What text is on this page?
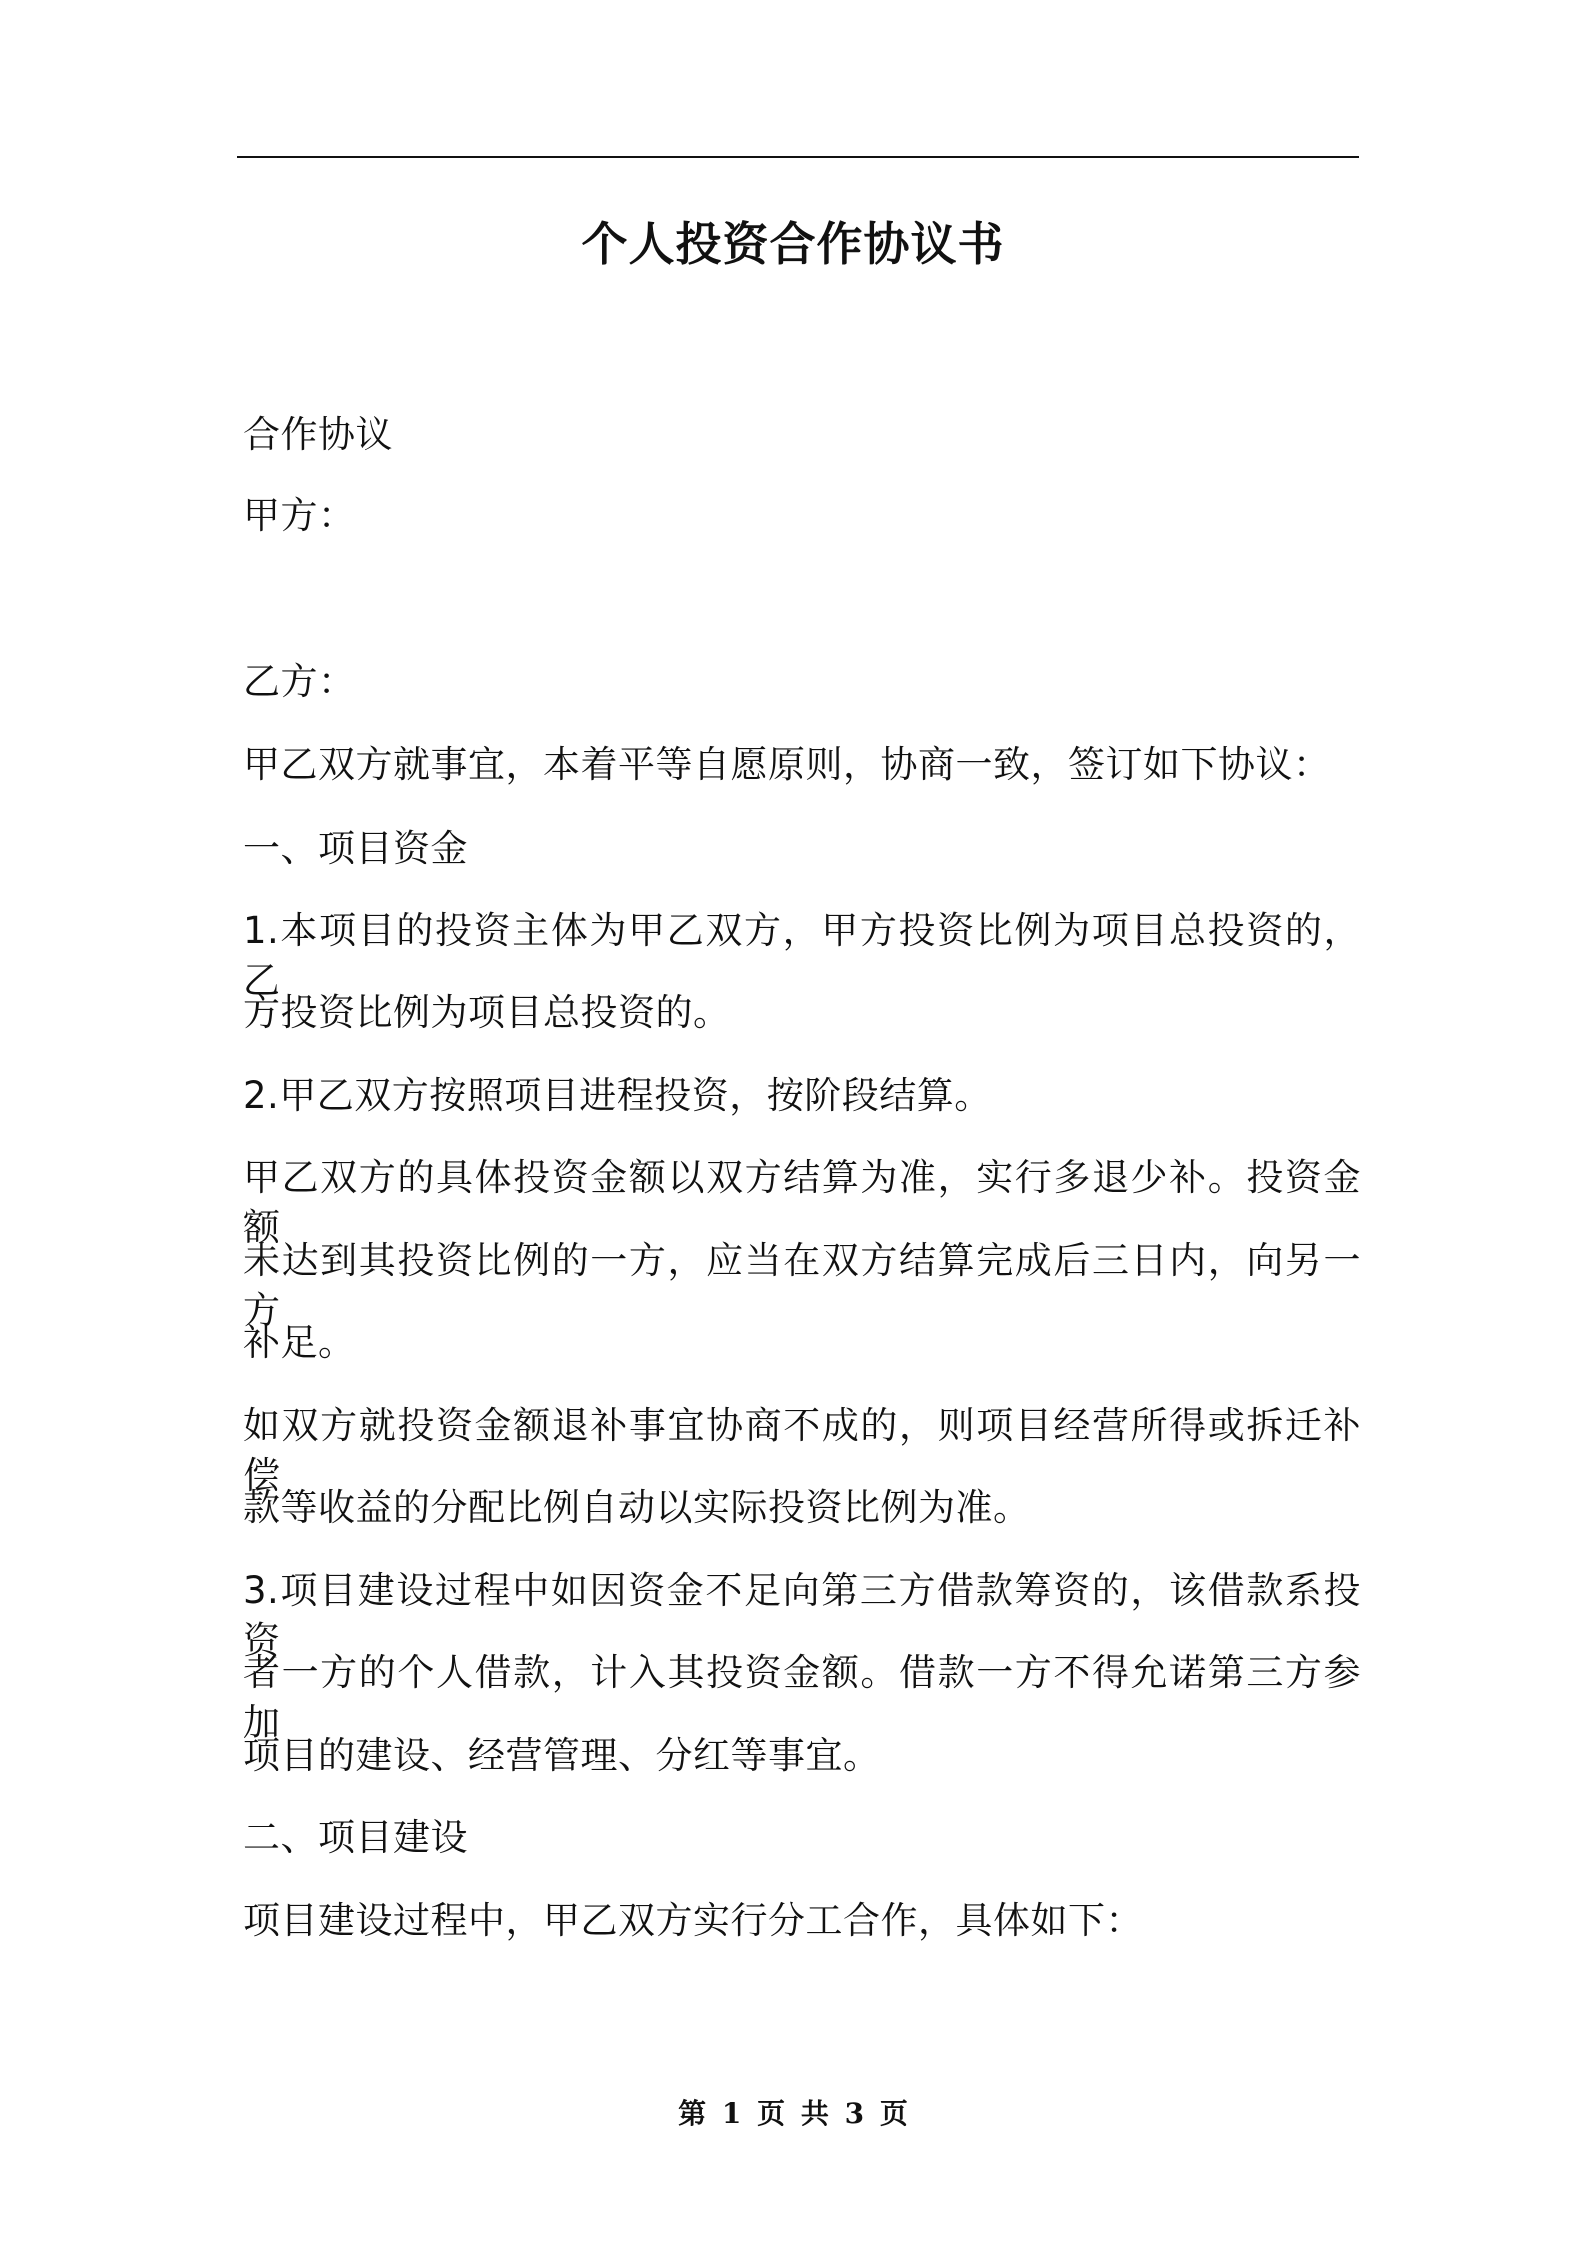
个人投资合作协议书
合作协议
甲方：
乙方：
甲乙双方就事宜，本着平等自愿原则，协商一致，签订如下协议：
一、项目资金
1.本项目的投资主体为甲乙双方，甲方投资比例为项目总投资的，乙
方投资比例为项目总投资的。
2.甲乙双方按照项目进程投资，按阶段结算。
甲乙双方的具体投资金额以双方结算为准，实行多退少补。投资金额
未达到其投资比例的一方，应当在双方结算完成后三日内，向另一方
补足。
如双方就投资金额退补事宜协商不成的，则项目经营所得或拆迁补偿
款等收益的分配比例自动以实际投资比例为准。
3.项目建设过程中如因资金不足向第三方借款筹资的，该借款系投资
者一方的个人借款，计入其投资金额。借款一方不得允诺第三方参加
项目的建设、经营管理、分红等事宜。
二、项目建设
项目建设过程中，甲乙双方实行分工合作，具体如下：
第 1 页 共 3 页
